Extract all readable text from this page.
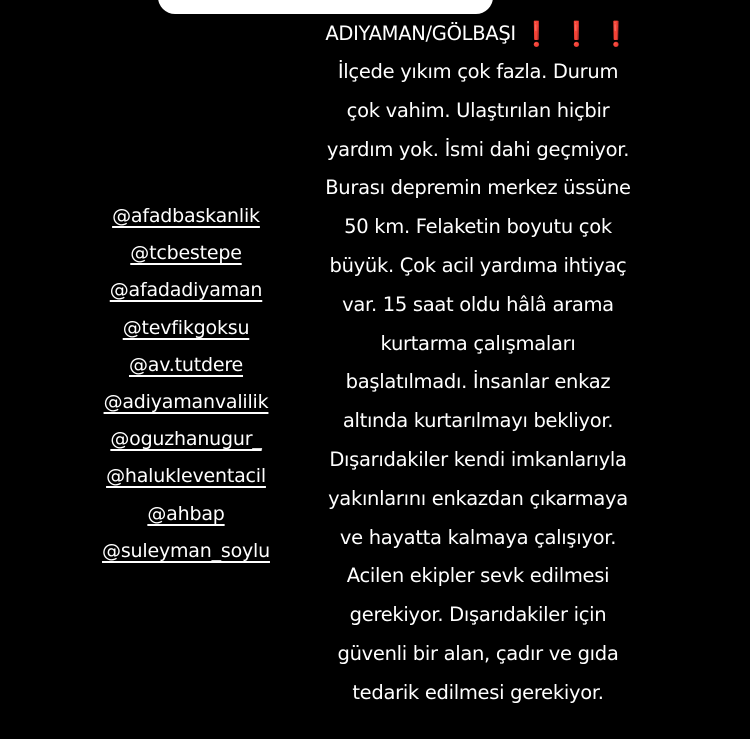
@afadbaskanlik
@tcbestepe
@afadadiyaman
@tevfikgoksu
@av.tutdere
@adiyamanvalilik
@oguzhanugur_
@halukleventacil
@ahbap
@suleyman_soylu
ADIYAMAN/GÖLBAŞI ❗ ❗ ❗
İlçede yıkım çok fazla. Durum
çok vahim. Ulaştırılan hiçbir
yardım yok. İsmi dahi geçmiyor.
Burası depremin merkez üssüne
50 km. Felaketin boyutu çok
büyük. Çok acil yardıma ihtiyaç
var. 15 saat oldu hâlâ arama
kurtarma çalışmaları
başlatılmadı. İnsanlar enkaz
altında kurtarılmayı bekliyor.
Dışarıdakiler kendi imkanlarıyla
yakınlarını enkazdan çıkarmaya
ve hayatta kalmaya çalışıyor.
Acilen ekipler sevk edilmesi
gerekiyor. Dışarıdakiler için
güvenli bir alan, çadır ve gıda
tedarik edilmesi gerekiyor.
